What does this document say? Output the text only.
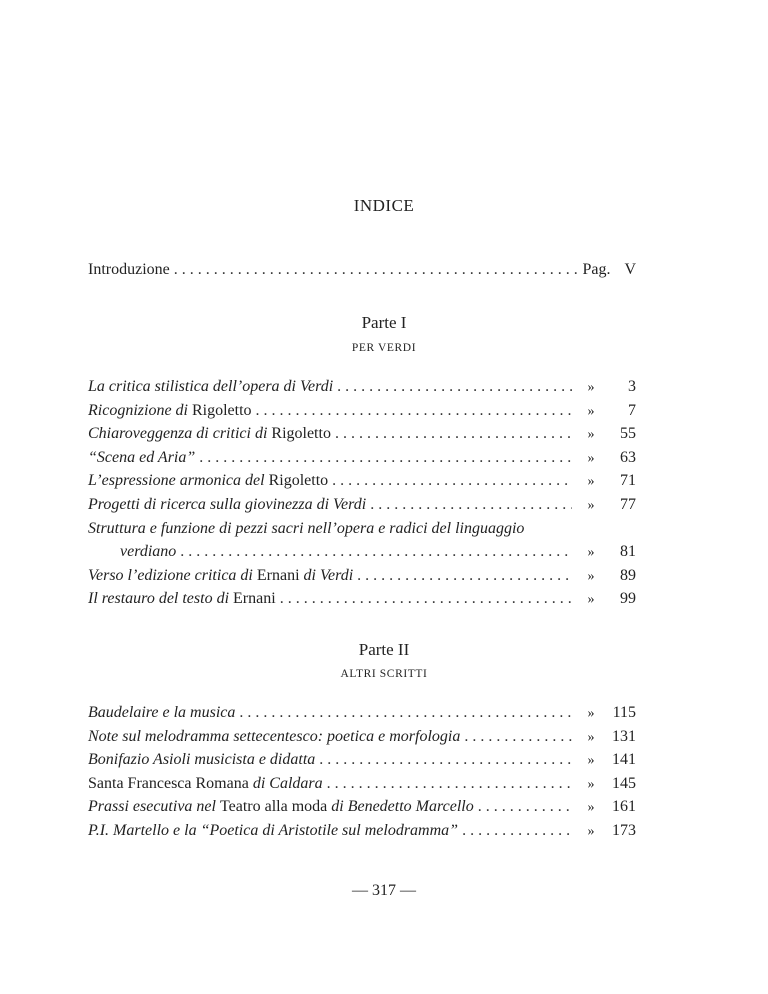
INDICE
Introduzione . . .	Pag. V
Parte I
PER VERDI
La critica stilistica dell’opera di Verdi . . .	»	3
Ricognizione di Rigoletto . . .	»	7
Chiaroveggenza di critici di Rigoletto . . .	»	55
“Scena ed Aria” . . .	»	63
L’espressione armonica del Rigoletto . . .	»	71
Progetti di ricerca sulla giovinezza di Verdi . . .	»	77
Struttura e funzione di pezzi sacri nell’opera e radici del linguaggio
verdiano . . .	»	81
Verso l’edizione critica di Ernani di Verdi . . .	»	89
Il restauro del testo di Ernani . . .	»	99
Parte II
ALTRI SCRITTI
Baudelaire e la musica . . .	»	115
Note sul melodramma settecentesco: poetica e morfologia . . .	»	131
Bonifazio Asioli musicista e didatta . . .	»	141
Santa Francesca Romana di Caldara . . .	»	145
Prassi esecutiva nel Teatro alla moda di Benedetto Marcello . . .	»	161
P.I. Martello e la “Poetica di Aristotile sul melodramma” . . .	»	173
— 317 —
